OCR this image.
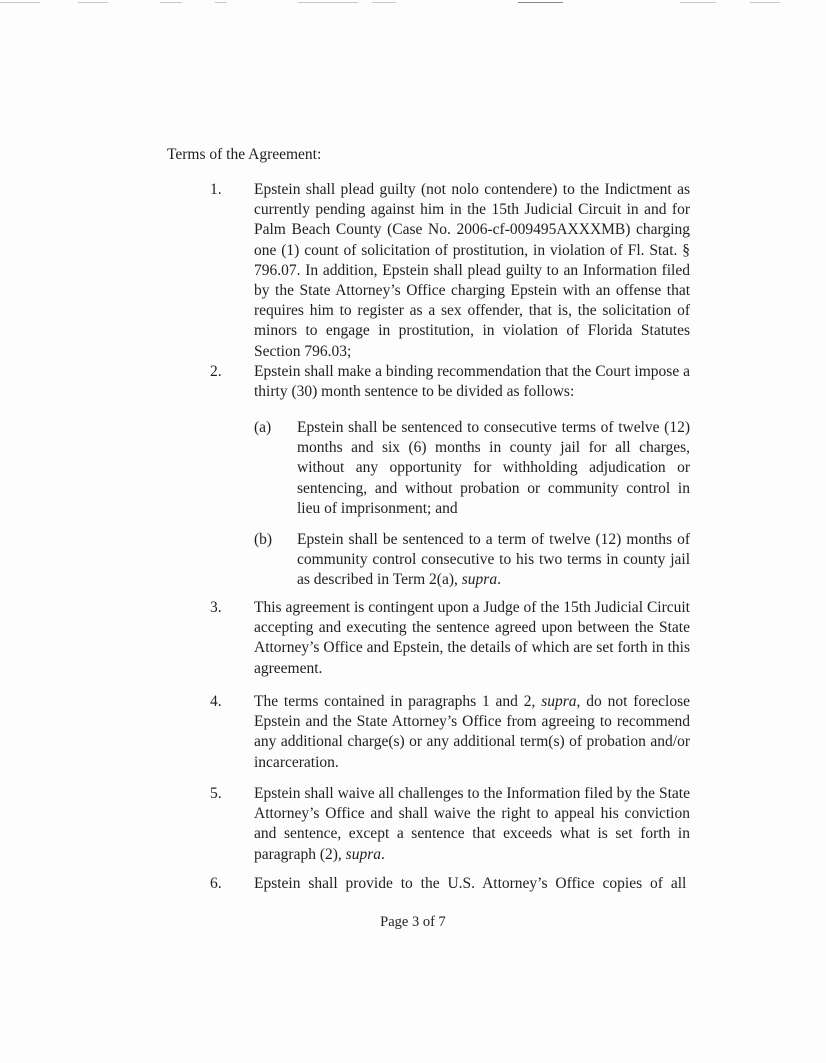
Terms of the Agreement:
1. Epstein shall plead guilty (not nolo contendere) to the Indictment as currently pending against him in the 15th Judicial Circuit in and for Palm Beach County (Case No. 2006-cf-009495AXXXMB) charging one (1) count of solicitation of prostitution, in violation of Fl. Stat. § 796.07. In addition, Epstein shall plead guilty to an Information filed by the State Attorney’s Office charging Epstein with an offense that requires him to register as a sex offender, that is, the solicitation of minors to engage in prostitution, in violation of Florida Statutes Section 796.03;
2. Epstein shall make a binding recommendation that the Court impose a thirty (30) month sentence to be divided as follows:
(a) Epstein shall be sentenced to consecutive terms of twelve (12) months and six (6) months in county jail for all charges, without any opportunity for withholding adjudication or sentencing, and without probation or community control in lieu of imprisonment; and
(b) Epstein shall be sentenced to a term of twelve (12) months of community control consecutive to his two terms in county jail as described in Term 2(a), supra.
3. This agreement is contingent upon a Judge of the 15th Judicial Circuit accepting and executing the sentence agreed upon between the State Attorney’s Office and Epstein, the details of which are set forth in this agreement.
4. The terms contained in paragraphs 1 and 2, supra, do not foreclose Epstein and the State Attorney’s Office from agreeing to recommend any additional charge(s) or any additional term(s) of probation and/or incarceration.
5. Epstein shall waive all challenges to the Information filed by the State Attorney’s Office and shall waive the right to appeal his conviction and sentence, except a sentence that exceeds what is set forth in paragraph (2), supra.
6. Epstein shall provide to the U.S. Attorney’s Office copies of all
Page 3 of 7
